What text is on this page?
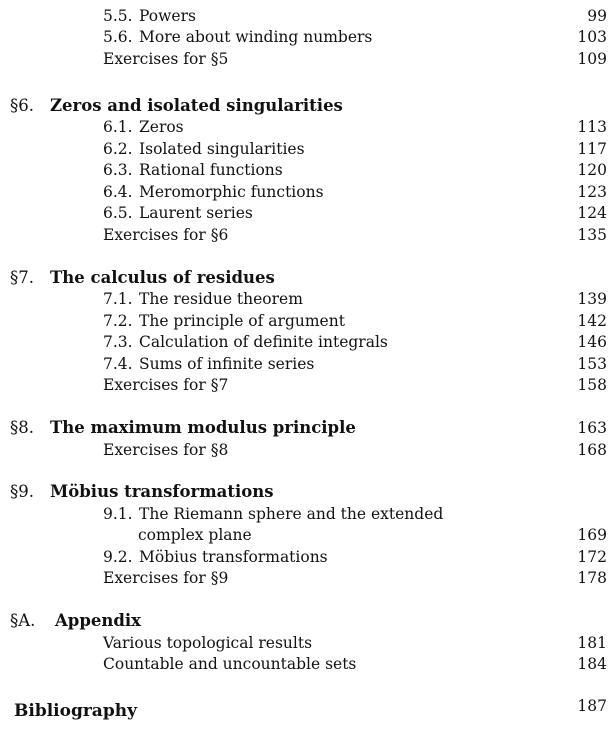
5.5. Powers	99
5.6. More about winding numbers	103
Exercises for §5	109
§6. Zeros and isolated singularities
6.1. Zeros	113
6.2. Isolated singularities	117
6.3. Rational functions	120
6.4. Meromorphic functions	123
6.5. Laurent series	124
Exercises for §6	135
§7. The calculus of residues
7.1. The residue theorem	139
7.2. The principle of argument	142
7.3. Calculation of definite integrals	146
7.4. Sums of infinite series	153
Exercises for §7	158
§8. The maximum modulus principle	163
Exercises for §8	168
§9. Möbius transformations
9.1. The Riemann sphere and the extended
complex plane	169
9.2. Möbius transformations	172
Exercises for §9	178
§A. Appendix
Various topological results	181
Countable and uncountable sets	184
Bibliography	187
